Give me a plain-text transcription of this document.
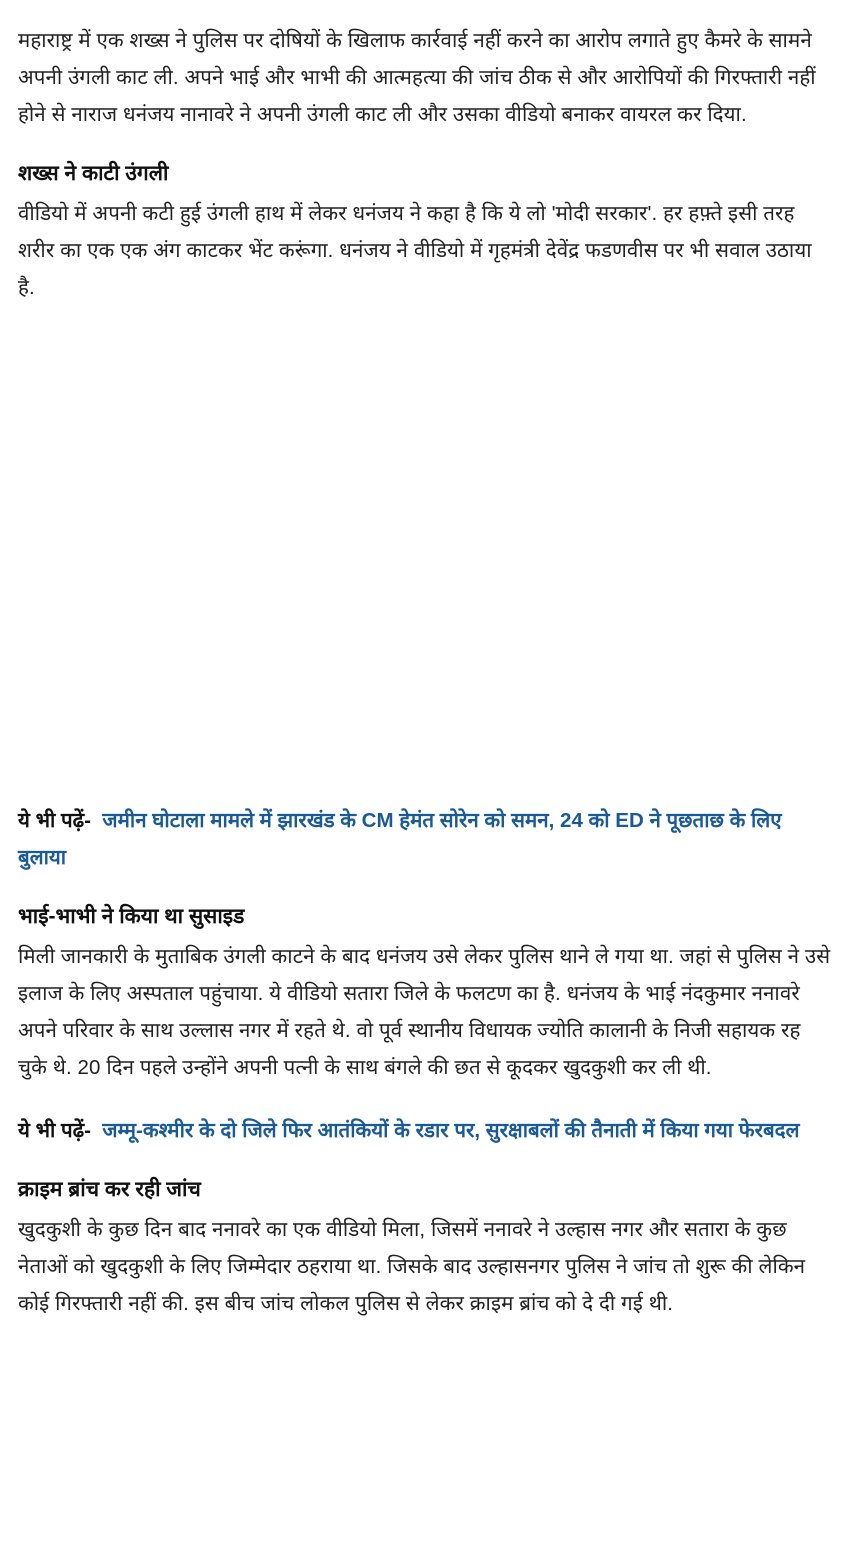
महाराष्ट्र में एक शख्स ने पुलिस पर दोषियों के खिलाफ कार्रवाई नहीं करने का आरोप लगाते हुए कैमरे के सामने अपनी उंगली काट ली. अपने भाई और भाभी की आत्महत्या की जांच ठीक से और आरोपियों की गिरफ्तारी नहीं होने से नाराज धनंजय नानावरे ने अपनी उंगली काट ली और उसका वीडियो बनाकर वायरल कर दिया.

शख्स ने काटी उंगली

वीडियो में अपनी कटी हुई उंगली हाथ में लेकर धनंजय ने कहा है कि ये लो 'मोदी सरकार'. हर हफ़्ते इसी तरह शरीर का एक एक अंग काटकर भेंट करूंगा. धनंजय ने वीडियो में गृहमंत्री देवेंद्र फडणवीस पर भी सवाल उठाया है.

ये भी पढ़ें- जमीन घोटाला मामले में झारखंड के CM हेमंत सोरेन को समन, 24 को ED ने पूछताछ के लिए बुलाया

भाई-भाभी ने किया था सुसाइड

मिली जानकारी के मुताबिक उंगली काटने के बाद धनंजय उसे लेकर पुलिस थाने ले गया था. जहां से पुलिस ने उसे इलाज के लिए अस्पताल पहुंचाया. ये वीडियो सतारा जिले के फलटण का है. धनंजय के भाई नंदकुमार ननावरे अपने परिवार के साथ उल्लास नगर में रहते थे. वो पूर्व स्थानीय विधायक ज्योति कालानी के निजी सहायक रह चुके थे. 20 दिन पहले उन्होंने अपनी पत्नी के साथ बंगले की छत से कूदकर खुदकुशी कर ली थी.

ये भी पढ़ें- जम्मू-कश्मीर के दो जिले फिर आतंकियों के रडार पर, सुरक्षाबलों की तैनाती में किया गया फेरबदल

क्राइम ब्रांच कर रही जांच

खुदकुशी के कुछ दिन बाद ननावरे का एक वीडियो मिला, जिसमें ननावरे ने उल्हास नगर और सतारा के कुछ नेताओं को खुदकुशी के लिए जिम्मेदार ठहराया था. जिसके बाद उल्हासनगर पुलिस ने जांच तो शुरू की लेकिन कोई गिरफ्तारी नहीं की. इस बीच जांच लोकल पुलिस से लेकर क्राइम ब्रांच को दे दी गई थी.
